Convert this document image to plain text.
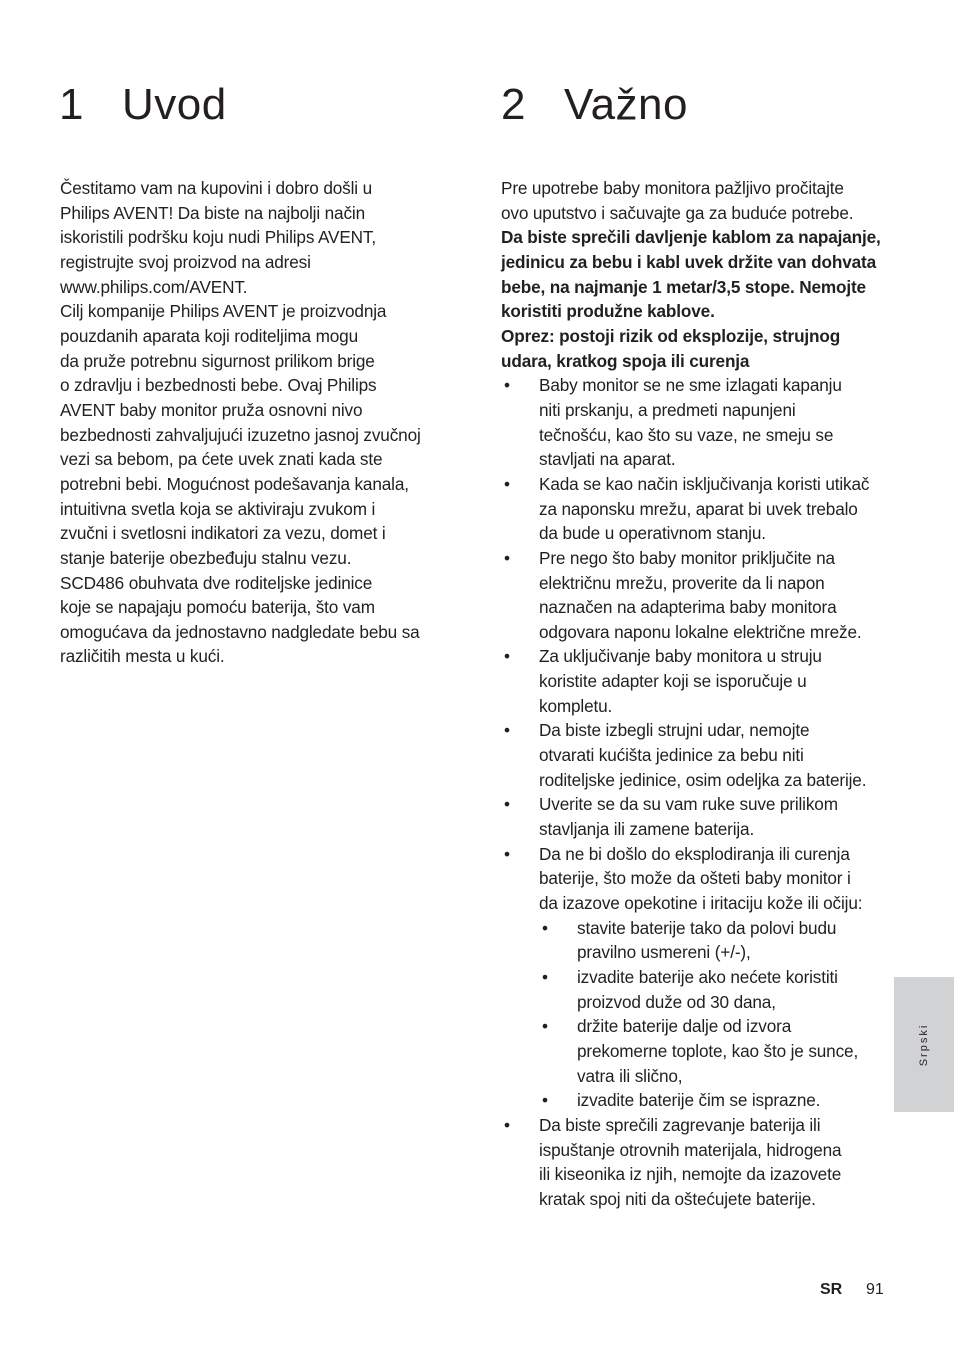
1 Uvod	2 Važno
Čestitamo vam na kupovini i dobro došli u
Philips AVENT! Da biste na najbolji način
iskoristili podršku koju nudi Philips AVENT,
registrujte svoj proizvod na adresi
www.philips.com/AVENT.
Cilj kompanije Philips AVENT je proizvodnja
pouzdanih aparata koji roditeljima mogu
da pruže potrebnu sigurnost prilikom brige
o zdravlju i bezbednosti bebe. Ovaj Philips
AVENT baby monitor pruža osnovni nivo
bezbednosti zahvaljujući izuzetno jasnoj zvučnoj
vezi sa bebom, pa ćete uvek znati kada ste
potrebni bebi. Mogućnost podešavanja kanala,
intuitivna svetla koja se aktiviraju zvukom i
zvučni i svetlosni indikatori za vezu, domet i
stanje baterije obezbeđuju stalnu vezu.
SCD486 obuhvata dve roditeljske jedinice
koje se napajaju pomoću baterija, što vam
omogućava da jednostavno nadgledate bebu sa
različitih mesta u kući.
Pre upotrebe baby monitora pažljivo pročitajte
ovo uputstvo i sačuvajte ga za buduće potrebe.
Da biste sprečili davljenje kablom za napajanje,
jedinicu za bebu i kabl uvek držite van dohvata
bebe, na najmanje 1 metar/3,5 stope. Nemojte
koristiti produžne kablove.
Oprez: postoji rizik od eksplozije, strujnog
udara, kratkog spoja ili curenja
• Baby monitor se ne sme izlagati kapanju
niti prskanju, a predmeti napunjeni
tečnošću, kao što su vaze, ne smeju se
stavljati na aparat.
• Kada se kao način isključivanja koristi utikač
za naponsku mrežu, aparat bi uvek trebalo
da bude u operativnom stanju.
• Pre nego što baby monitor priključite na
električnu mrežu, proverite da li napon
naznačen na adapterima baby monitora
odgovara naponu lokalne električne mreže.
• Za uključivanje baby monitora u struju
koristite adapter koji se isporučuje u
kompletu.
• Da biste izbegli strujni udar, nemojte
otvarati kućišta jedinice za bebu niti
roditeljske jedinice, osim odeljka za baterije.
• Uverite se da su vam ruke suve prilikom
stavljanja ili zamene baterija.
• Da ne bi došlo do eksplodiranja ili curenja
baterije, što može da ošteti baby monitor i
da izazove opekotine i iritaciju kože ili očiju:
• stavite baterije tako da polovi budu
pravilno usmereni (+/-),
• izvadite baterije ako nećete koristiti
proizvod duže od 30 dana,
• držite baterije dalje od izvora
prekomerne toplote, kao što je sunce,
vatra ili slično,
• izvadite baterije čim se isprazne.
• Da biste sprečili zagrevanje baterija ili
ispuštanje otrovnih materijala, hidrogena
ili kiseonika iz njih, nemojte da izazovete
kratak spoj niti da oštećujete baterije.
Srpski
SR 91
